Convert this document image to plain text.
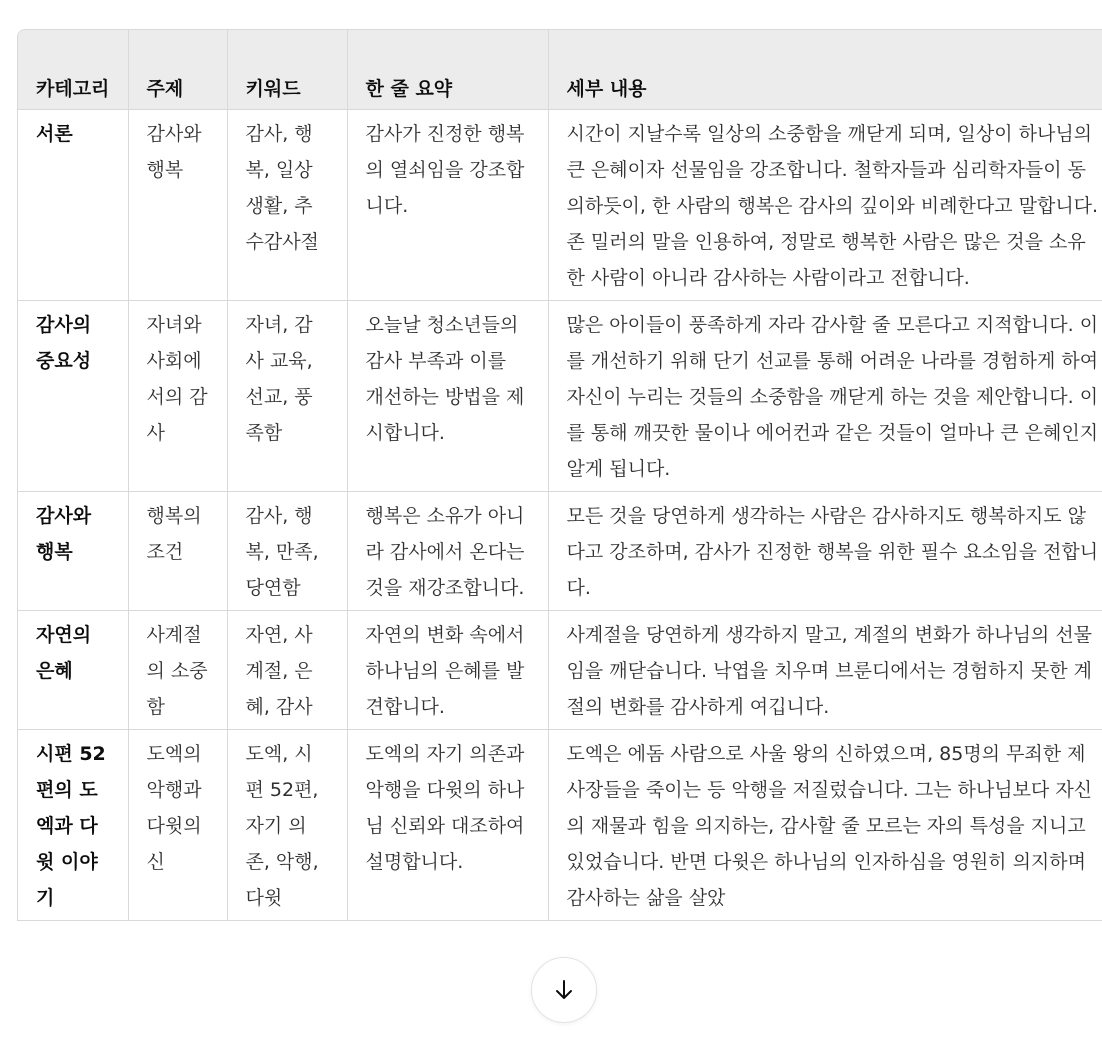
카테고리	주제	키워드	한 줄 요약	세부 내용
서론	감사와 행복	감사, 행복, 일상생활, 추수감사절	감사가 진정한 행복의 열쇠임을 강조합니다.	시간이 지날수록 일상의 소중함을 깨닫게 되며, 일상이 하나님의 큰 은혜이자 선물임을 강조합니다. 철학자들과 심리학자들이 동의하듯이, 한 사람의 행복은 감사의 깊이와 비례한다고 말합니다. 존 밀러의 말을 인용하여, 정말로 행복한 사람은 많은 것을 소유한 사람이 아니라 감사하는 사람이라고 전합니다.
감사의 중요성	자녀와 사회에서의 감사	자녀, 감사 교육, 선교, 풍족함	오늘날 청소년들의 감사 부족과 이를 개선하는 방법을 제시합니다.	많은 아이들이 풍족하게 자라 감사할 줄 모른다고 지적합니다. 이를 개선하기 위해 단기 선교를 통해 어려운 나라를 경험하게 하여 자신이 누리는 것들의 소중함을 깨닫게 하는 것을 제안합니다. 이를 통해 깨끗한 물이나 에어컨과 같은 것들이 얼마나 큰 은혜인지 알게 됩니다.
감사와 행복	행복의 조건	감사, 행복, 만족, 당연함	행복은 소유가 아니라 감사에서 온다는 것을 재강조합니다.	모든 것을 당연하게 생각하는 사람은 감사하지도 행복하지도 않다고 강조하며, 감사가 진정한 행복을 위한 필수 요소임을 전합니다.
자연의 은혜	사계절의 소중함	자연, 사계절, 은혜, 감사	자연의 변화 속에서 하나님의 은혜를 발견합니다.	사계절을 당연하게 생각하지 말고, 계절의 변화가 하나님의 선물임을 깨닫습니다. 낙엽을 치우며 브룬디에서는 경험하지 못한 계절의 변화를 감사하게 여깁니다.
시편 52편의 도엑과 다윗 이야기	도엑의 악행과 다윗의 신	도엑, 시편 52편, 자기 의존, 악행, 다윗	도엑의 자기 의존과 악행을 다윗의 하나님 신뢰와 대조하여 설명합니다.	도엑은 에돔 사람으로 사울 왕의 신하였으며, 85명의 무죄한 제사장들을 죽이는 등 악행을 저질렀습니다. 그는 하나님보다 자신의 재물과 힘을 의지하는, 감사할 줄 모르는 자의 특성을 지니고 있었습니다. 반면 다윗은 하나님의 인자하심을 영원히 의지하며 감사하는 삶을 살았
